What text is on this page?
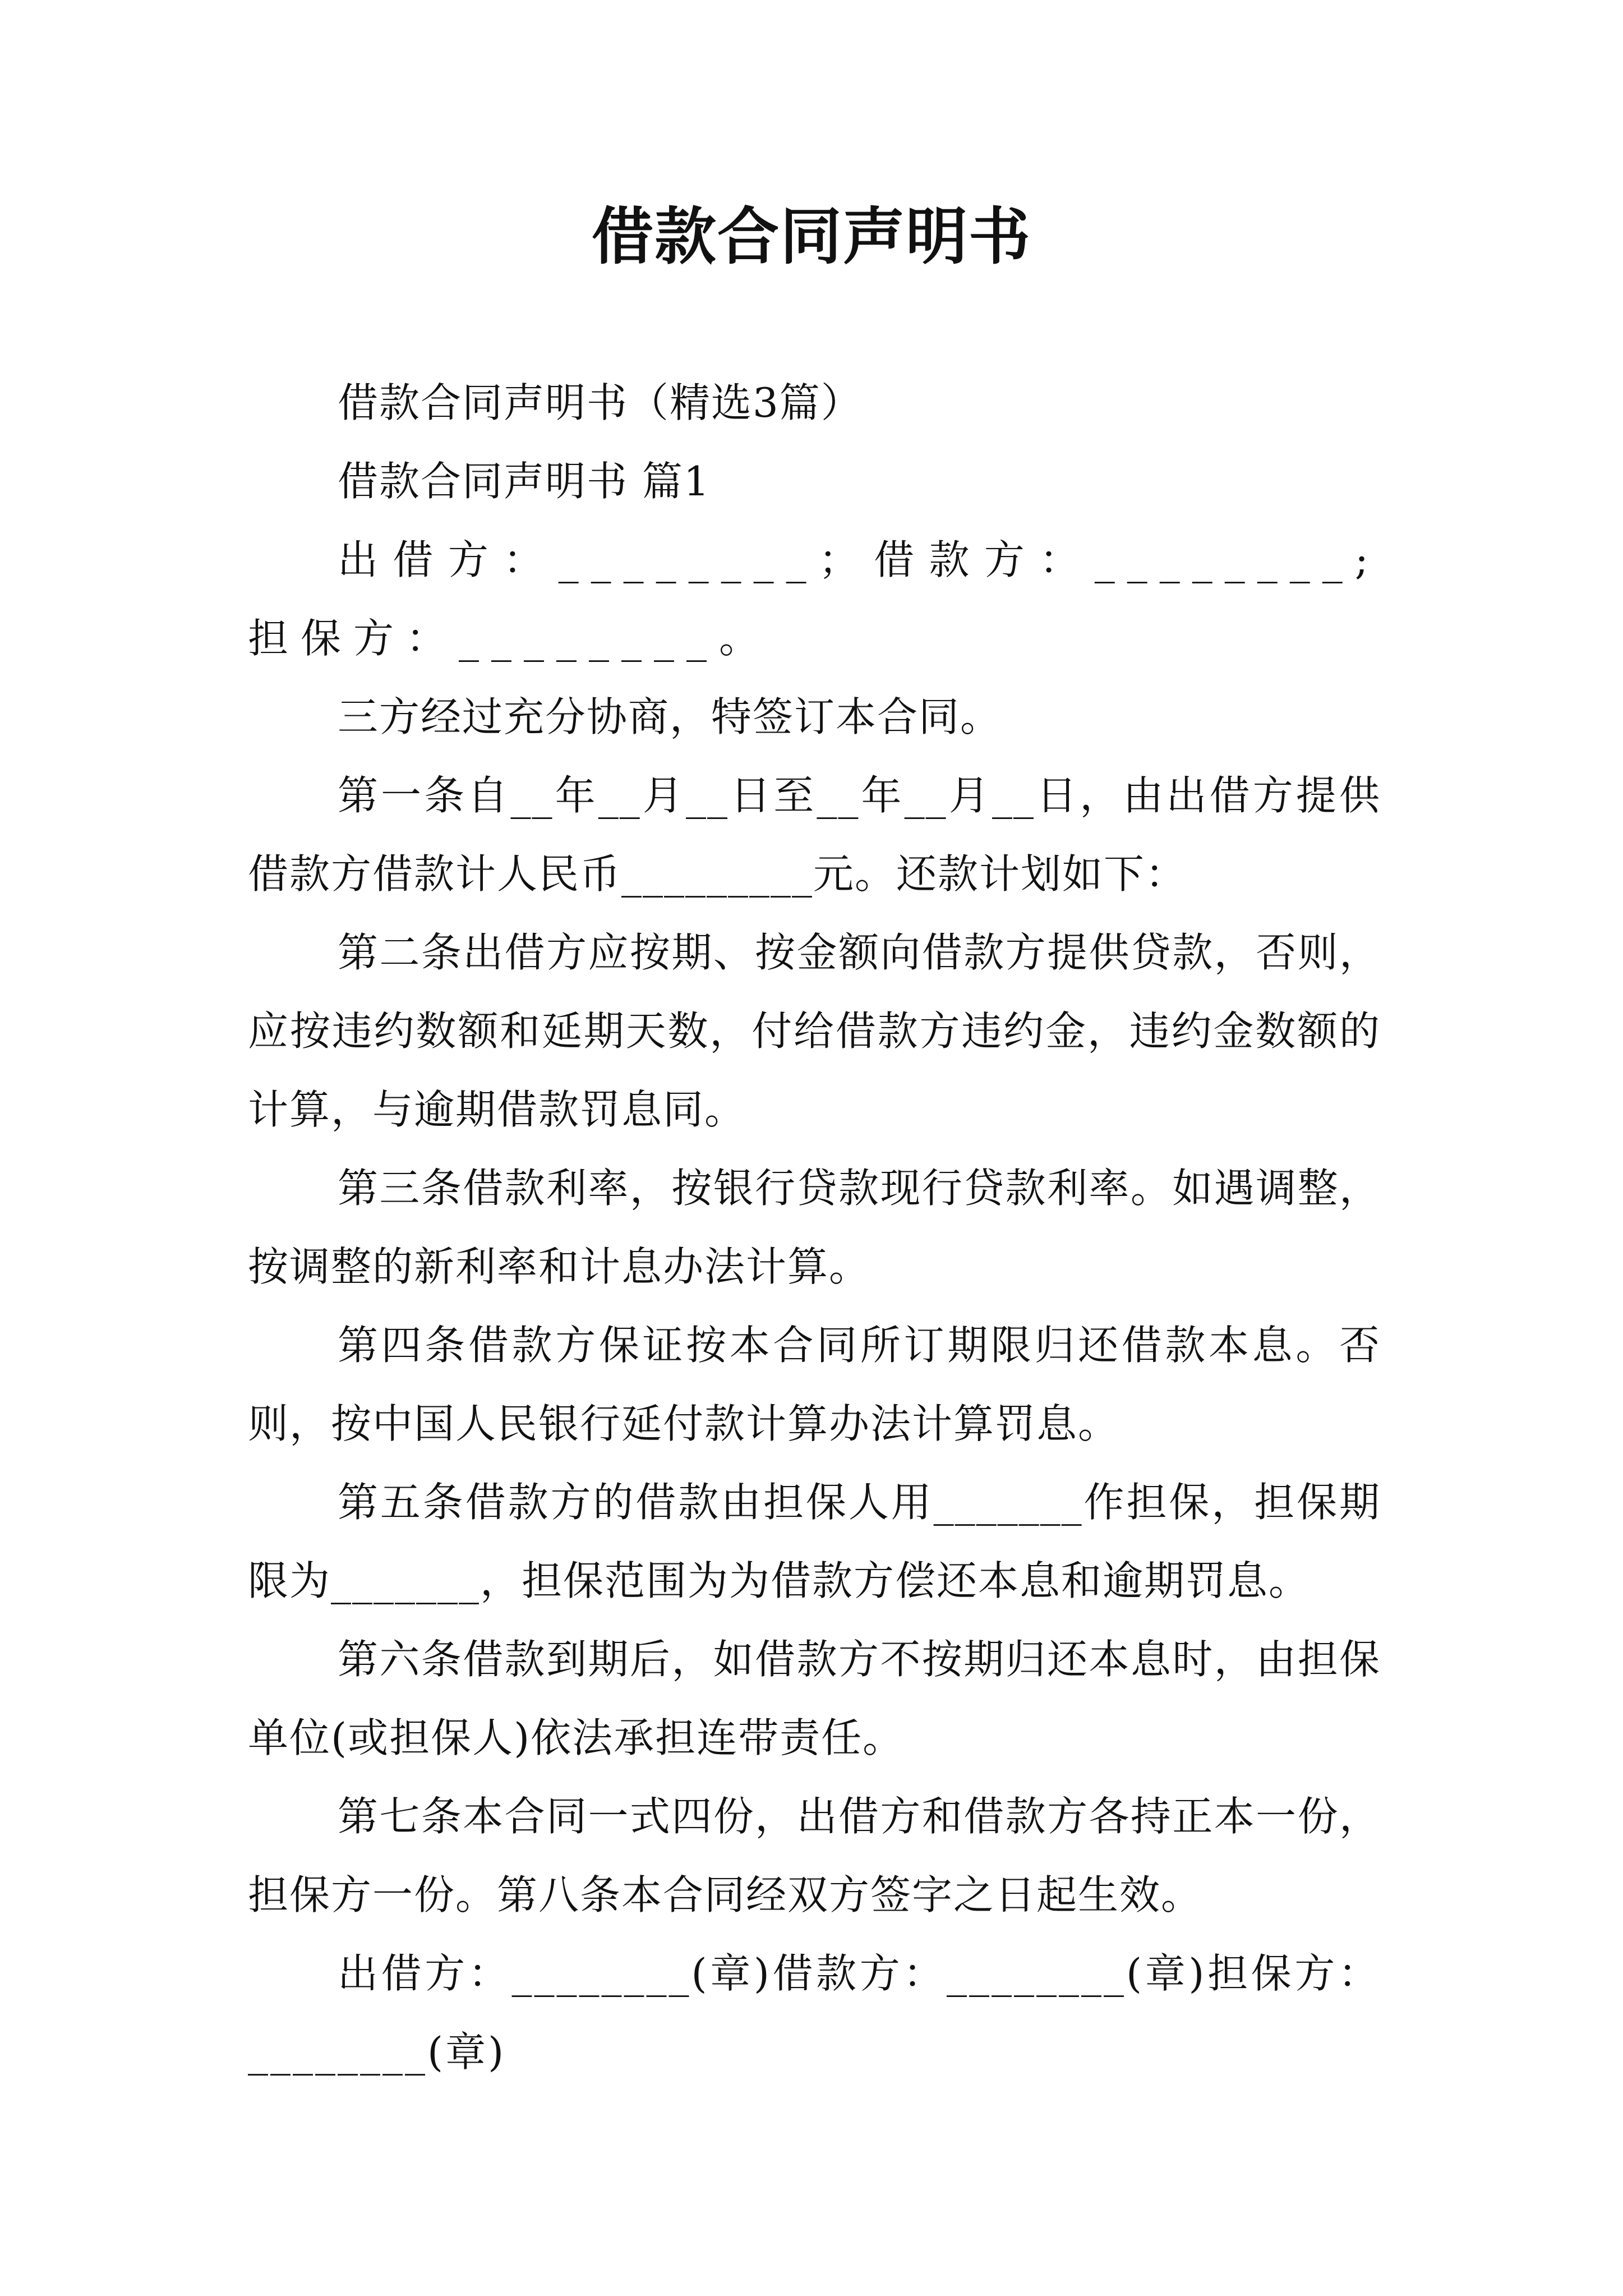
借款合同声明书

借款合同声明书（精选3篇）

借款合同声明书 篇1

出借方：________；借款方：________;担保方：________。

三方经过充分协商，特签订本合同。

第一条自__年__月__日至__年__月__日，由出借方提供借款方借款计人民币_________元。还款计划如下：

第二条出借方应按期、按金额向借款方提供贷款，否则，应按违约数额和延期天数，付给借款方违约金，违约金数额的计算，与逾期借款罚息同。

第三条借款利率，按银行贷款现行贷款利率。如遇调整，按调整的新利率和计息办法计算。

第四条借款方保证按本合同所订期限归还借款本息。否则，按中国人民银行延付款计算办法计算罚息。

第五条借款方的借款由担保人用_______作担保，担保期限为_______，担保范围为为借款方偿还本息和逾期罚息。

第六条借款到期后，如借款方不按期归还本息时，由担保单位(或担保人)依法承担连带责任。

第七条本合同一式四份，出借方和借款方各持正本一份，担保方一份。第八条本合同经双方签字之日起生效。

出借方：________(章)借款方：________(章)担保方：________(章)
